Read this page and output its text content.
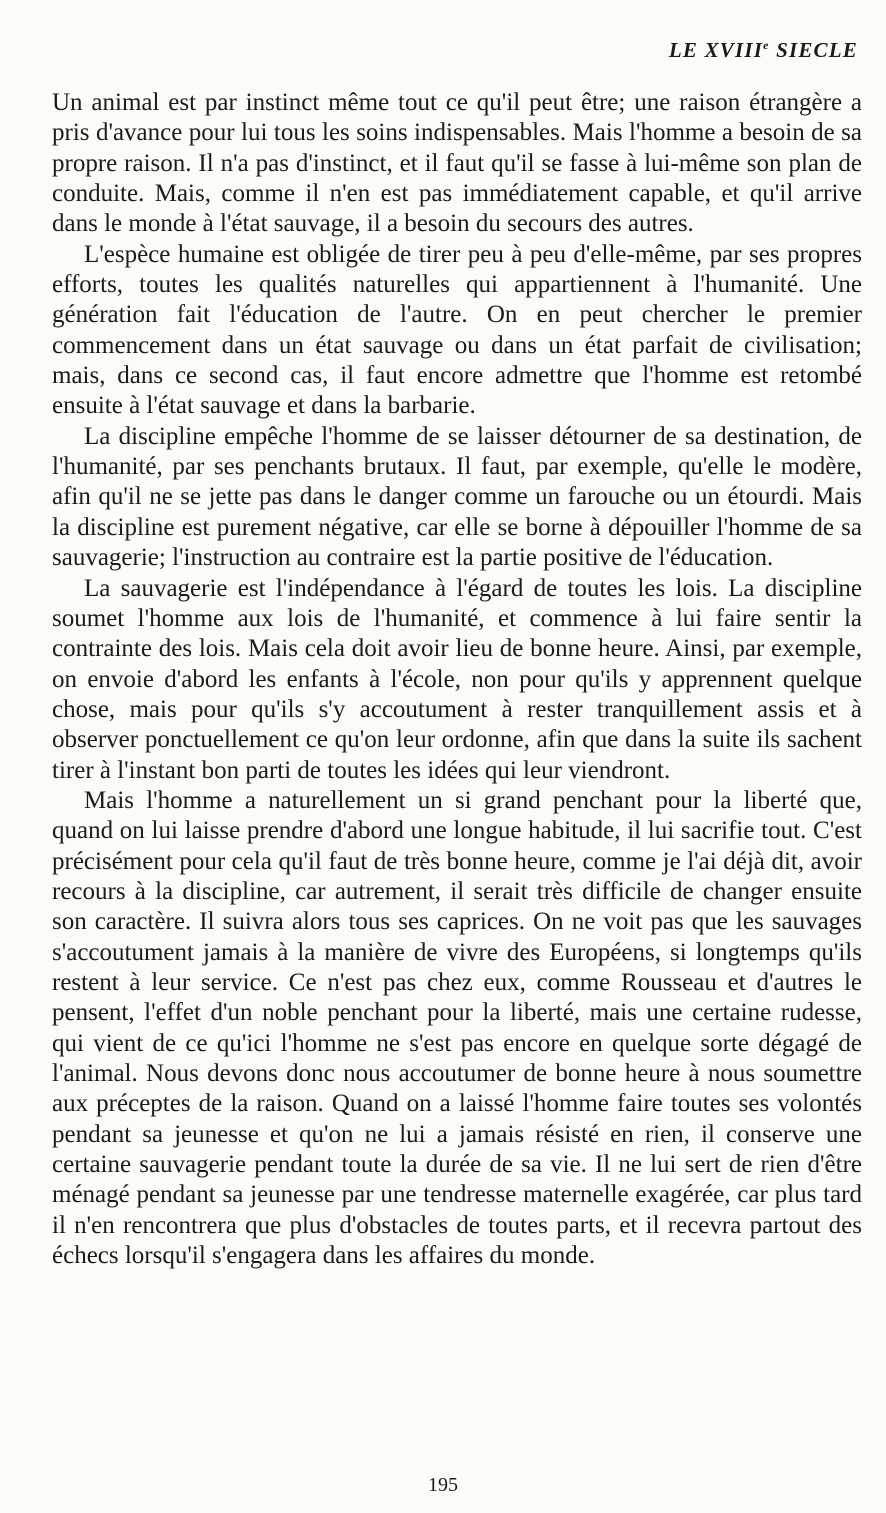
LE XVIIIe SIECLE

Un animal est par instinct même tout ce qu'il peut être; une raison étrangère a pris d'avance pour lui tous les soins indispensables. Mais l'homme a besoin de sa propre raison. Il n'a pas d'instinct, et il faut qu'il se fasse à lui-même son plan de conduite. Mais, comme il n'en est pas immédiatement capable, et qu'il arrive dans le monde à l'état sauvage, il a besoin du secours des autres.

L'espèce humaine est obligée de tirer peu à peu d'elle-même, par ses propres efforts, toutes les qualités naturelles qui appartiennent à l'humanité. Une génération fait l'éducation de l'autre. On en peut chercher le premier commencement dans un état sauvage ou dans un état parfait de civilisation; mais, dans ce second cas, il faut encore admettre que l'homme est retombé ensuite à l'état sauvage et dans la barbarie.

La discipline empêche l'homme de se laisser détourner de sa destination, de l'humanité, par ses penchants brutaux. Il faut, par exemple, qu'elle le modère, afin qu'il ne se jette pas dans le danger comme un farouche ou un étourdi. Mais la discipline est purement négative, car elle se borne à dépouiller l'homme de sa sauvagerie; l'instruction au contraire est la partie positive de l'éducation.

La sauvagerie est l'indépendance à l'égard de toutes les lois. La discipline soumet l'homme aux lois de l'humanité, et commence à lui faire sentir la contrainte des lois. Mais cela doit avoir lieu de bonne heure. Ainsi, par exemple, on envoie d'abord les enfants à l'école, non pour qu'ils y apprennent quelque chose, mais pour qu'ils s'y accoutument à rester tranquillement assis et à observer ponctuellement ce qu'on leur ordonne, afin que dans la suite ils sachent tirer à l'instant bon parti de toutes les idées qui leur viendront.

Mais l'homme a naturellement un si grand penchant pour la liberté que, quand on lui laisse prendre d'abord une longue habitude, il lui sacrifie tout. C'est précisément pour cela qu'il faut de très bonne heure, comme je l'ai déjà dit, avoir recours à la discipline, car autrement, il serait très difficile de changer ensuite son caractère. Il suivra alors tous ses caprices. On ne voit pas que les sauvages s'accoutument jamais à la manière de vivre des Européens, si longtemps qu'ils restent à leur service. Ce n'est pas chez eux, comme Rousseau et d'autres le pensent, l'effet d'un noble penchant pour la liberté, mais une certaine rudesse, qui vient de ce qu'ici l'homme ne s'est pas encore en quelque sorte dégagé de l'animal. Nous devons donc nous accoutumer de bonne heure à nous soumettre aux préceptes de la raison. Quand on a laissé l'homme faire toutes ses volontés pendant sa jeunesse et qu'on ne lui a jamais résisté en rien, il conserve une certaine sauvagerie pendant toute la durée de sa vie. Il ne lui sert de rien d'être ménagé pendant sa jeunesse par une tendresse maternelle exagérée, car plus tard il n'en rencontrera que plus d'obstacles de toutes parts, et il recevra partout des échecs lorsqu'il s'engagera dans les affaires du monde.

195
